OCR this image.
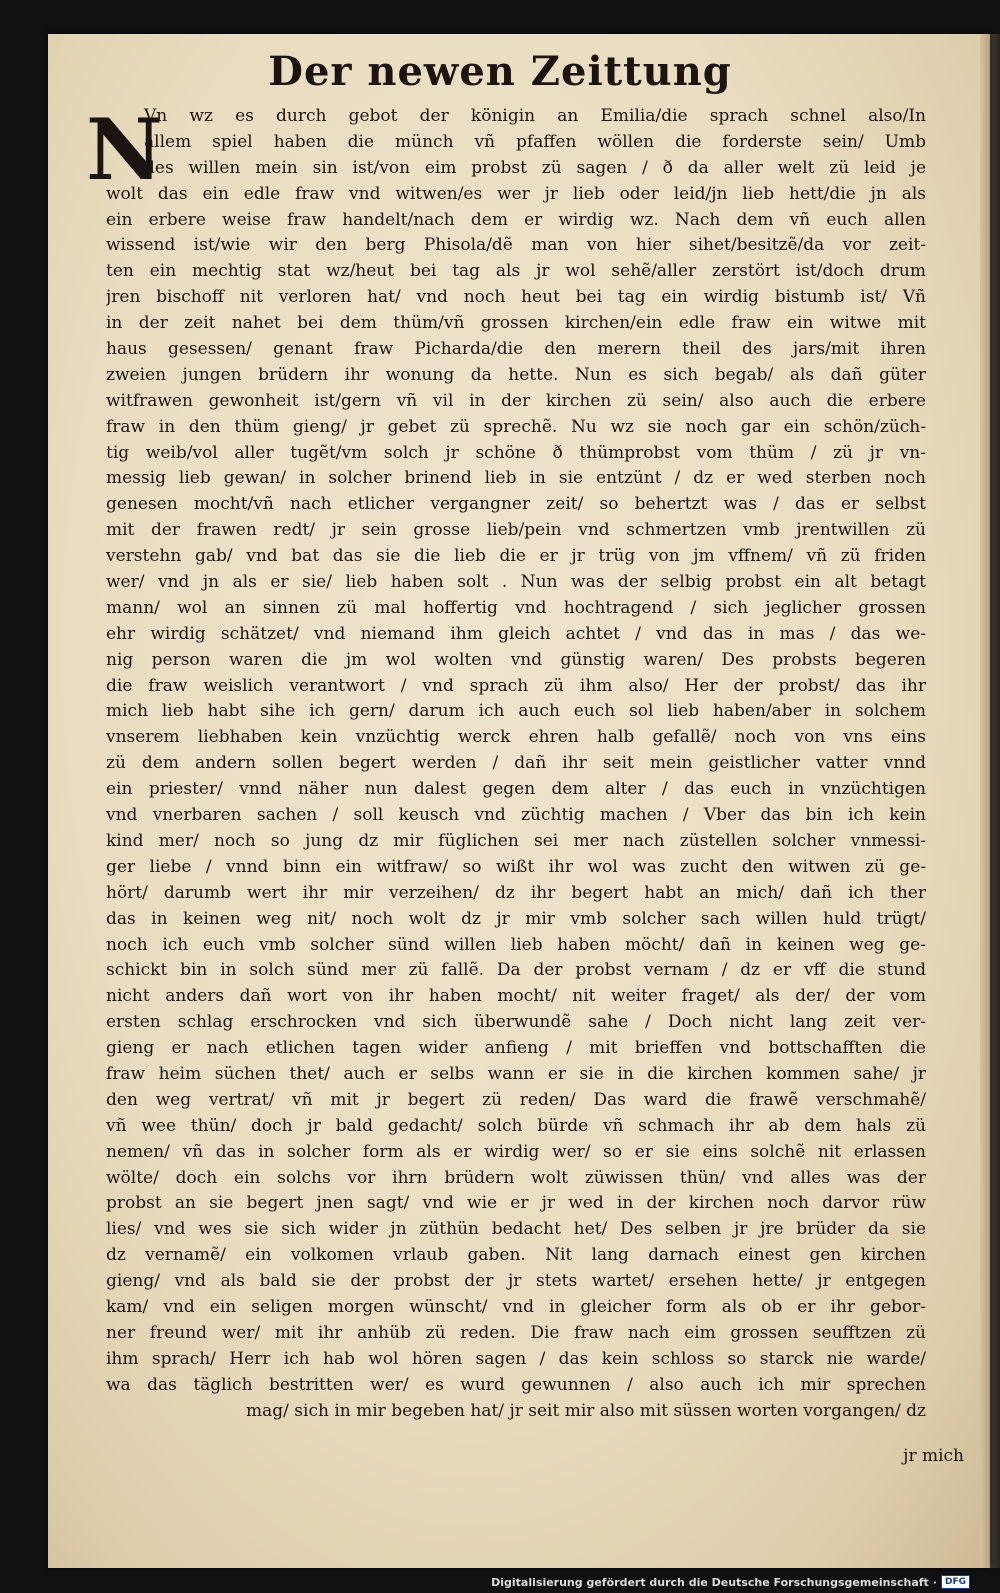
Der newen Zeittung
N
Vn wz es durch gebot der königin an Emilia/die sprach schnel also/In
allem spiel haben die münch vñ pfaffen wöllen die forderste sein/ Umb
des willen mein sin ist/von eim probst zü sagen / ð da aller welt zü leid je
wolt das ein edle fraw vnd witwen/es wer jr lieb oder leid/jn lieb hett/die jn als
ein erbere weise fraw handelt/nach dem er wirdig wz. Nach dem vñ euch allen
wissend ist/wie wir den berg Phisola/dẽ man von hier sihet/besitzẽ/da vor zeit-
ten ein mechtig stat wz/heut bei tag als jr wol sehẽ/aller zerstört ist/doch drum
jren bischoff nit verloren hat/ vnd noch heut bei tag ein wirdig bistumb ist/ Vñ
in der zeit nahet bei dem thüm/vñ grossen kirchen/ein edle fraw ein witwe mit
haus gesessen/ genant fraw Picharda/die den merern theil des jars/mit ihren
zweien jungen brüdern ihr wonung da hette. Nun es sich begab/ als dañ güter
witfrawen gewonheit ist/gern vñ vil in der kirchen zü sein/ also auch die erbere
fraw in den thüm gieng/ jr gebet zü sprechẽ. Nu wz sie noch gar ein schön/züch-
tig weib/vol aller tugẽt/vm solch jr schöne ð thümprobst vom thüm / zü jr vn-
messig lieb gewan/ in solcher brinend lieb in sie entzünt / dz er wed sterben noch
genesen mocht/vñ nach etlicher vergangner zeit/ so behertzt was / das er selbst
mit der frawen redt/ jr sein grosse lieb/pein vnd schmertzen vmb jrentwillen zü
verstehn gab/ vnd bat das sie die lieb die er jr trüg von jm vffnem/ vñ zü friden
wer/ vnd jn als er sie/ lieb haben solt . Nun was der selbig probst ein alt betagt
mann/ wol an sinnen zü mal hoffertig vnd hochtragend / sich jeglicher grossen
ehr wirdig schätzet/ vnd niemand ihm gleich achtet / vnd das in mas / das we-
nig person waren die jm wol wolten vnd günstig waren/ Des probsts begeren
die fraw weislich verantwort / vnd sprach zü ihm also/ Her der probst/ das ihr
mich lieb habt sihe ich gern/ darum ich auch euch sol lieb haben/aber in solchem
vnserem liebhaben kein vnzüchtig werck ehren halb gefallẽ/ noch von vns eins
zü dem andern sollen begert werden / dañ ihr seit mein geistlicher vatter vnnd
ein priester/ vnnd näher nun dalest gegen dem alter / das euch in vnzüchtigen
vnd vnerbaren sachen / soll keusch vnd züchtig machen / Vber das bin ich kein
kind mer/ noch so jung dz mir füglichen sei mer nach züstellen solcher vnmessi-
ger liebe / vnnd binn ein witfraw/ so wißt ihr wol was zucht den witwen zü ge-
hört/ darumb wert ihr mir verzeihen/ dz ihr begert habt an mich/ dañ ich ther
das in keinen weg nit/ noch wolt dz jr mir vmb solcher sach willen huld trügt/
noch ich euch vmb solcher sünd willen lieb haben möcht/ dañ in keinen weg ge-
schickt bin in solch sünd mer zü fallẽ. Da der probst vernam / dz er vff die stund
nicht anders dañ wort von ihr haben mocht/ nit weiter fraget/ als der/ der vom
ersten schlag erschrocken vnd sich überwundẽ sahe / Doch nicht lang zeit ver-
gieng er nach etlichen tagen wider anfieng / mit brieffen vnd bottschafften die
fraw heim süchen thet/ auch er selbs wann er sie in die kirchen kommen sahe/ jr
den weg vertrat/ vñ mit jr begert zü reden/ Das ward die frawẽ verschmahẽ/
vñ wee thün/ doch jr bald gedacht/ solch bürde vñ schmach ihr ab dem hals zü
nemen/ vñ das in solcher form als er wirdig wer/ so er sie eins solchẽ nit erlassen
wölte/ doch ein solchs vor ihrn brüdern wolt züwissen thün/ vnd alles was der
probst an sie begert jnen sagt/ vnd wie er jr wed in der kirchen noch darvor rüw
lies/ vnd wes sie sich wider jn züthün bedacht het/ Des selben jr jre brüder da sie
dz vernamẽ/ ein volkomen vrlaub gaben. Nit lang darnach einest gen kirchen
gieng/ vnd als bald sie der probst der jr stets wartet/ ersehen hette/ jr entgegen
kam/ vnd ein seligen morgen wünscht/ vnd in gleicher form als ob er ihr gebor-
ner freund wer/ mit ihr anhüb zü reden. Die fraw nach eim grossen seufftzen zü
ihm sprach/ Herr ich hab wol hören sagen / das kein schloss so starck nie warde/
wa das täglich bestritten wer/ es wurd gewunnen / also auch ich mir sprechen
mag/ sich in mir begeben hat/ jr seit mir also mit süssen worten vorgangen/ dz
jr mich
Digitalisierung gefördert durch die Deutsche Forschungsgemeinschaft · DFG
